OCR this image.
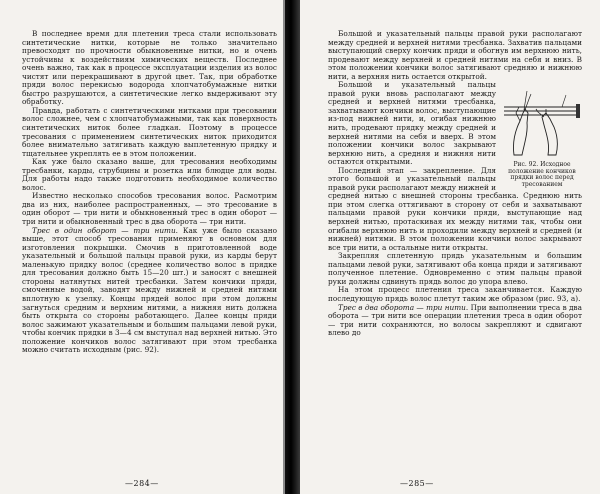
В последнее время для плетения треса стали использовать синтетические нитки, которые не только значительно превосходят по прочности обыкновенные нитки, но и очень устойчивы к воздействиям химических веществ. Последнее очень важно, так как в процессе эксплуатации изделия из волос чистят или перекрашивают в другой цвет. Так, при обработке пряди волос перекисью водорода хлопчатобумажные нитки быстро разрушаются, а синтетические легко выдерживают эту обработку.

Правда, работать с синтетическими нитками при тресовании волос сложнее, чем с хлопчатобумажными, так как поверхность синтетических ниток более гладкая. Поэтому в процессе тресования с применением синтетических ниток приходится более внимательно затягивать каждую выплетенную прядку и тщательнее укреплять ее в этом положении.

Как уже было сказано выше, для тресования необходимы тресбанки, карды, струбцины и розетка или блюдце для воды. Для работы надо также подготовить необходимое количество волос.

Известно несколько способов тресования волос. Расмотрим два из них, наиболее распространенных, — это тресование в один оборот — три нити и обыкновенный трес в один оборот — три нити и обыкновенный трес в два оборота — три нити.

Трес в один оборот — три нити. Как уже было сказано выше, этот способ тресования применяют в основном для изготовления покрышки. Смочив в приготовленной воде указательный и большой пальцы правой руки, из карды берут маленькую прядку волос (среднее количество волос в прядке для тресования должно быть 15—20 шт.) и заносят с внешней стороны натянутых нитей тресбанки. Затем кончики пряди, смоченные водой, заводят между нижней и средней нитями вплотную к узелку. Концы прядей волос при этом должны загнуться средним и верхним нитями, а нижняя нить должна быть открыта со стороны работающего. Далее концы пряди волос зажимают указательным и большим пальцами левой руки, чтобы кончик прядки в 3—4 см выступал над верхней нитью. Это положение кончиков волос затягивают при этом тресбанка можно считать исходным (рис. 92).

—284—

Большой и указательный пальцы правой руки располагают между средней и верхней нитями тресбанка. Захватив пальцами выступающий сверху кончик пряди и обогнув им верхнюю нить, продевают между верхней и средней нитями на себя и вниз. В этом положении кончики волос затягивают средняю и нижнюю нити, а верхняя нить остается открытой.

Рис. 92. Исходное положение кончиков прядки волос перед тресованием

Большой и указательный пальцы правой руки вновь располагают между средней и верхней нитями тресбанка, захватывают кончики волос, выступающие из-под нижней нити, и, огибая нижнюю нить, продевают прядку между средней и верхней нитями на себя и вверх. В этом положении кончики волос закрывают верхнюю нить, а средняя и нижняя нити остаются открытыми.

Последний этап — закрепление. Для этого большой и указательный пальцы правой руки располагают между нижней и средней нитью с внешней стороны тресбанка. Среднюю нить при этом слегка оттягивают в сторону от себя и захватывают пальцами правой руки кончики пряди, выступающие над верхней нитью, протаскивая их между нитями так, чтобы они огибали верхнюю нить и проходили между верхней и средней (и нижней) нитями. В этом положении кончики волос закрывают все три нити, а остальные нити открыты.

Закрепляя сплетенную прядь указательным и большим пальцами левой руки, затягивают оба конца пряди и затягивают полученное плетение. Одновременно с этим пальцы правой руки должны сдвинуть прядь волос до упора влево.

На этом процесс плетения треса заканчивается. Каждую последующую прядь волос плетут таким же образом (рис. 93, а).

Трес в два оборота — три нити. При выполнении треса в два оборота — три нити все операции плетения треса в один оборот — три нити сохраняются, но волосы закрепляют и сдвигают влево до

—285—
